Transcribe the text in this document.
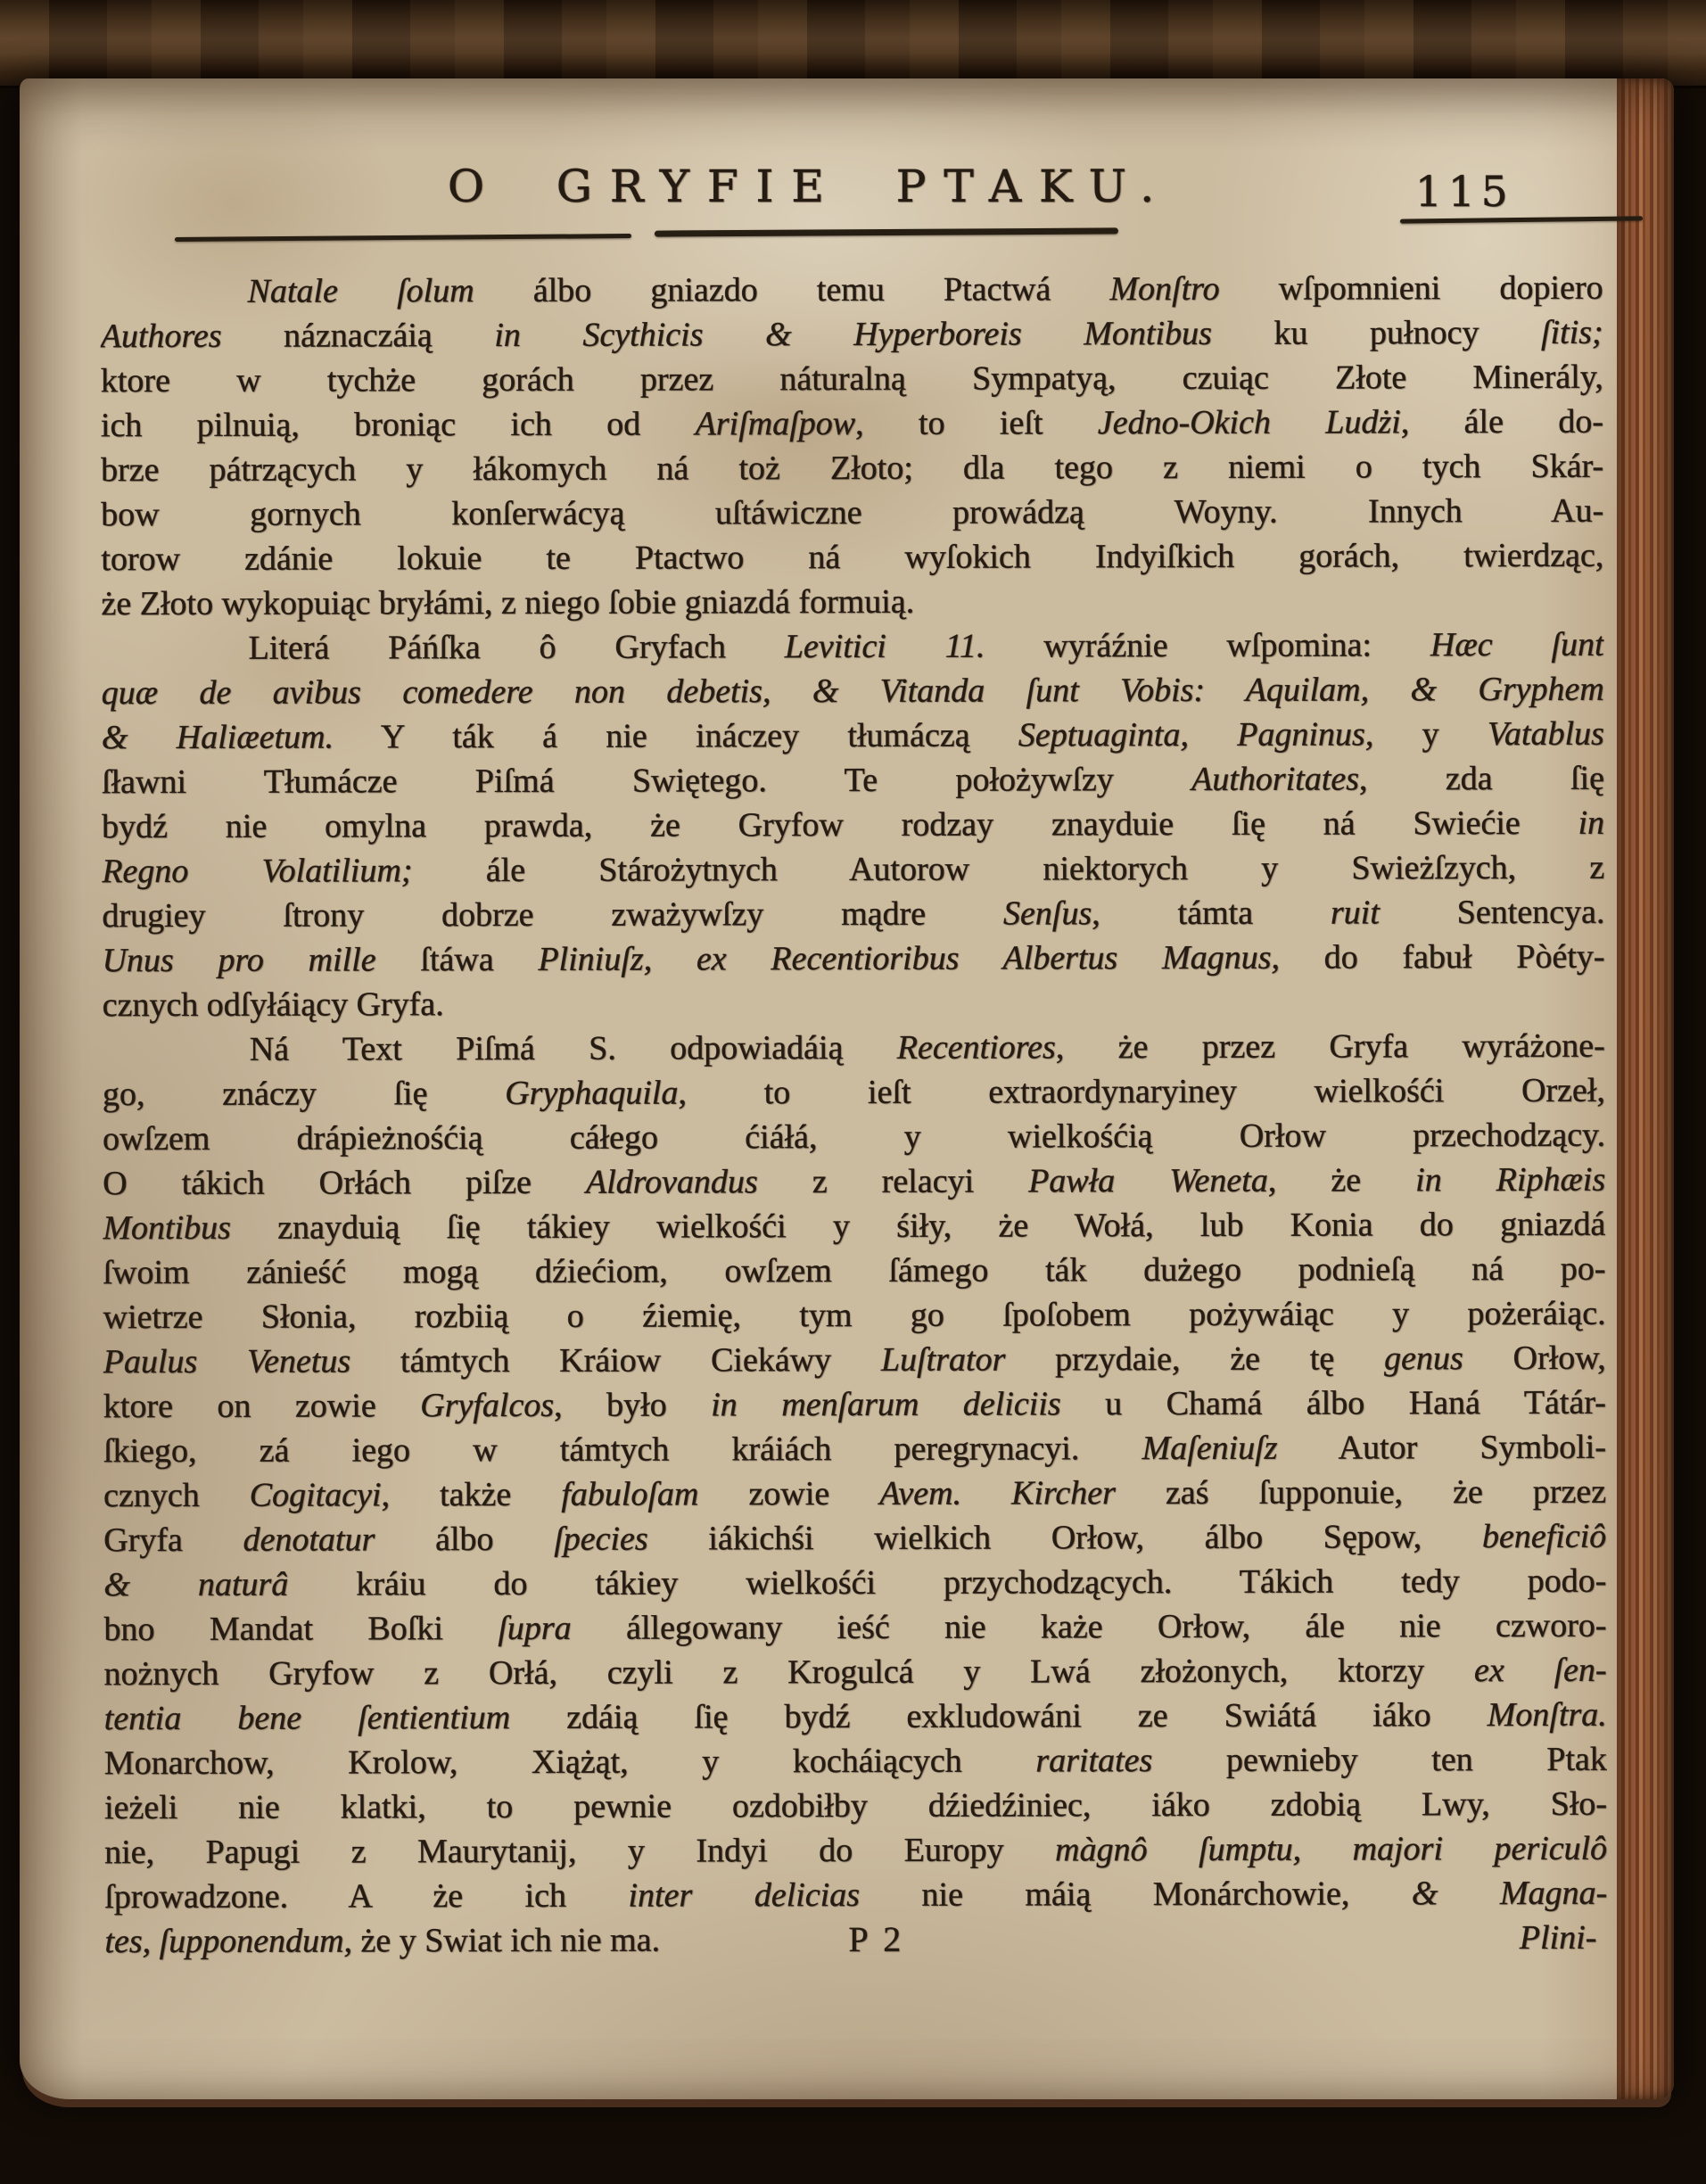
O GRYFIE PTAKU.	115
Natale ſolum álbo gniazdo temu Ptactwá Monſtro wſpomnieni dopiero
Authores náznaczáią in Scythicis & Hyperboreis Montibus ku pułnocy ſitis;
ktore w tychże gorách przez náturalną Sympatyą, czuiąc Złote Minerály,
ich pilnuią, broniąc ich od Ariſmaſpow, to ieſt Jedno-Okich Ludżi, ále do-
brze pátrzących y łákomych ná toż Złoto; dla tego z niemi o tych Skár-
bow gornych konſerwácyą uſtáwiczne prowádzą Woyny. Innych Au-
torow zdánie lokuie te Ptactwo ná wyſokich Indyiſkich gorách, twierdząc,
że Złoto wykopuiąc bryłámi, z niego ſobie gniazdá formuią.
Literá Páńſka ô Gryfach Levitici 11. wyráźnie wſpomina: Hæc ſunt
quæ de avibus comedere non debetis, & Vitanda ſunt Vobis: Aquilam, & Gryphem
& Haliæetum. Y ták á nie ináczey tłumáczą Septuaginta, Pagninus, y Vatablus
ſławni Tłumácze Piſmá Swiętego. Te położywſzy Authoritates, zda ſię
bydź nie omylna prawda, że Gryfow rodzay znayduie ſię ná Swiećie in
Regno Volatilium; ále Stárożytnych Autorow niektorych y Swieżſzych, z
drugiey ſtrony dobrze zważywſzy mądre Senſus, támta ruit Sentencya.
Unus pro mille ſtáwa Pliniuſz, ex Recentioribus Albertus Magnus, do fabuł Pòéty-
cznych odſyłáiący Gryfa.
Ná Text Piſmá S. odpowiadáią Recentiores, że przez Gryfa wyráżone-
go, znáczy ſię Gryphaquila, to ieſt extraordynaryiney wielkośći Orzeł,
owſzem drápieżnośćią cáłego ćiáłá, y wielkośćią Orłow przechodzący.
O tákich Orłách piſze Aldrovandus z relacyi Pawła Weneta, że in Riphæis
Montibus znayduią ſię tákiey wielkośći y śiły, że Wołá, lub Konia do gniazdá
ſwoim zánieść mogą dźiećiom, owſzem ſámego ták dużego podnieſą ná po-
wietrze Słonia, rozbiią o źiemię, tym go ſpoſobem pożywáiąc y pożeráiąc.
Paulus Venetus támtych Kráiow Ciekáwy Luſtrator przydaie, że tę genus Orłow,
ktore on zowie Gryfalcos, było in menſarum deliciis u Chamá álbo Haná Tátár-
ſkiego, zá iego w támtych kráiách peregrynacyi. Maſeniuſz Autor Symboli-
cznych Cogitacyi, także fabuloſam zowie Avem. Kircher zaś ſupponuie, że przez
Gryfa denotatur álbo ſpecies iákichśi wielkich Orłow, álbo Sępow, beneficiô
& naturâ kráiu do tákiey wielkośći przychodzących. Tákich tedy podo-
bno Mandat Boſki ſupra állegowany ieść nie każe Orłow, ále nie czworo-
nożnych Gryfow z Orłá, czyli z Krogulcá y Lwá złożonych, ktorzy ex ſen-
tentia bene ſentientium zdáią ſię bydź exkludowáni ze Swiátá iáko Monſtra.
Monarchow, Krolow, Xiążąt, y kocháiących raritates pewnieby ten Ptak
ieżeli nie klatki, to pewnie ozdobiłby dźiedźiniec, iáko zdobią Lwy, Sło-
nie, Papugi z Maurytanij, y Indyi do Europy màgnô ſumptu, majori periculô
ſprowadzone. A że ich inter delicias nie máią Monárchowie, & Magna-
tes, ſupponendum, że y Swiat ich nie ma.	P 2	Plini-
